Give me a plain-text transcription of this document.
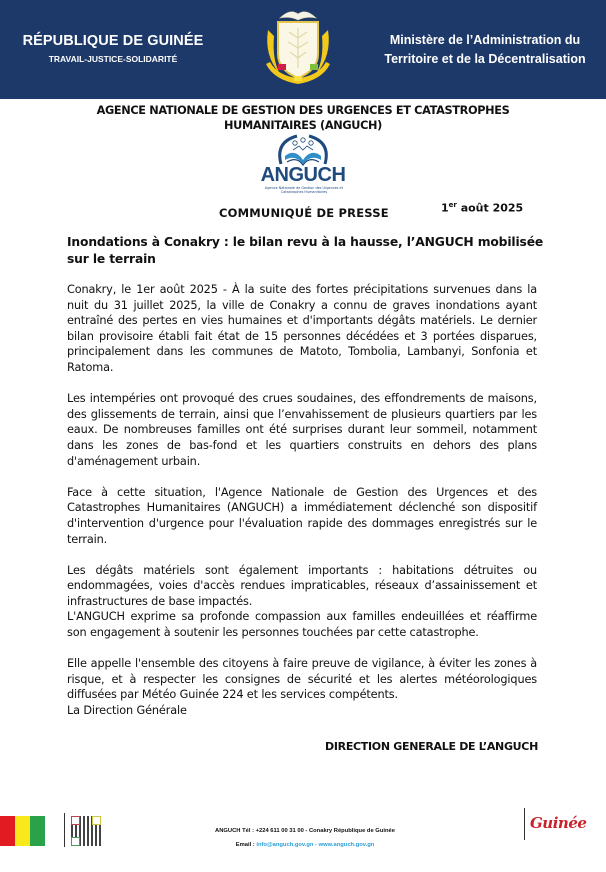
RÉPUBLIQUE DE GUINÉE
TRAVAIL-JUSTICE-SOLIDARITÉ
Ministère de l’Administration du
Territoire et de la Décentralisation
AGENCE NATIONALE DE GESTION DES URGENCES ET CATASTROPHES
HUMANITAIRES (ANGUCH)
ANGUCH
Agence Nationale de Gestion des Urgences et Catastrophes Humanitaires
COMMUNIQUÉ DE PRESSE	1er août 2025
Inondations à Conakry : le bilan revu à la hausse, l’ANGUCH mobilisée sur le terrain

Conakry, le 1er août 2025 - À la suite des fortes précipitations survenues dans la nuit du 31 juillet 2025, la ville de Conakry a connu de graves inondations ayant entraîné des pertes en vies humaines et d'importants dégâts matériels. Le dernier bilan provisoire établi fait état de 15 personnes décédées et 3 portées disparues, principalement dans les communes de Matoto, Tombolia, Lambanyi, Sonfonia et Ratoma.

Les intempéries ont provoqué des crues soudaines, des effondrements de maisons, des glissements de terrain, ainsi que l’envahissement de plusieurs quartiers par les eaux. De nombreuses familles ont été surprises durant leur sommeil, notamment dans les zones de bas-fond et les quartiers construits en dehors des plans d'aménagement urbain.

Face à cette situation, l'Agence Nationale de Gestion des Urgences et des Catastrophes Humanitaires (ANGUCH) a immédiatement déclenché son dispositif d'intervention d'urgence pour l'évaluation rapide des dommages enregistrés sur le terrain.

Les dégâts matériels sont également importants : habitations détruites ou endommagées, voies d'accès rendues impraticables, réseaux d’assainissement et infrastructures de base impactés.

L'ANGUCH exprime sa profonde compassion aux familles endeuillées et réaffirme son engagement à soutenir les personnes touchées par cette catastrophe.

Elle appelle l'ensemble des citoyens à faire preuve de vigilance, à éviter les zones à risque, et à respecter les consignes de sécurité et les alertes météorologiques diffusées par Météo Guinée 224 et les services compétents.

La Direction Générale

DIRECTION GENERALE DE L’ANGUCH
ANGUCH Tél : +224 611 00 31 00 - Conakry République de Guinée
Email : info@anguch.gov.gn - www.anguch.gov.gn
Guinée
